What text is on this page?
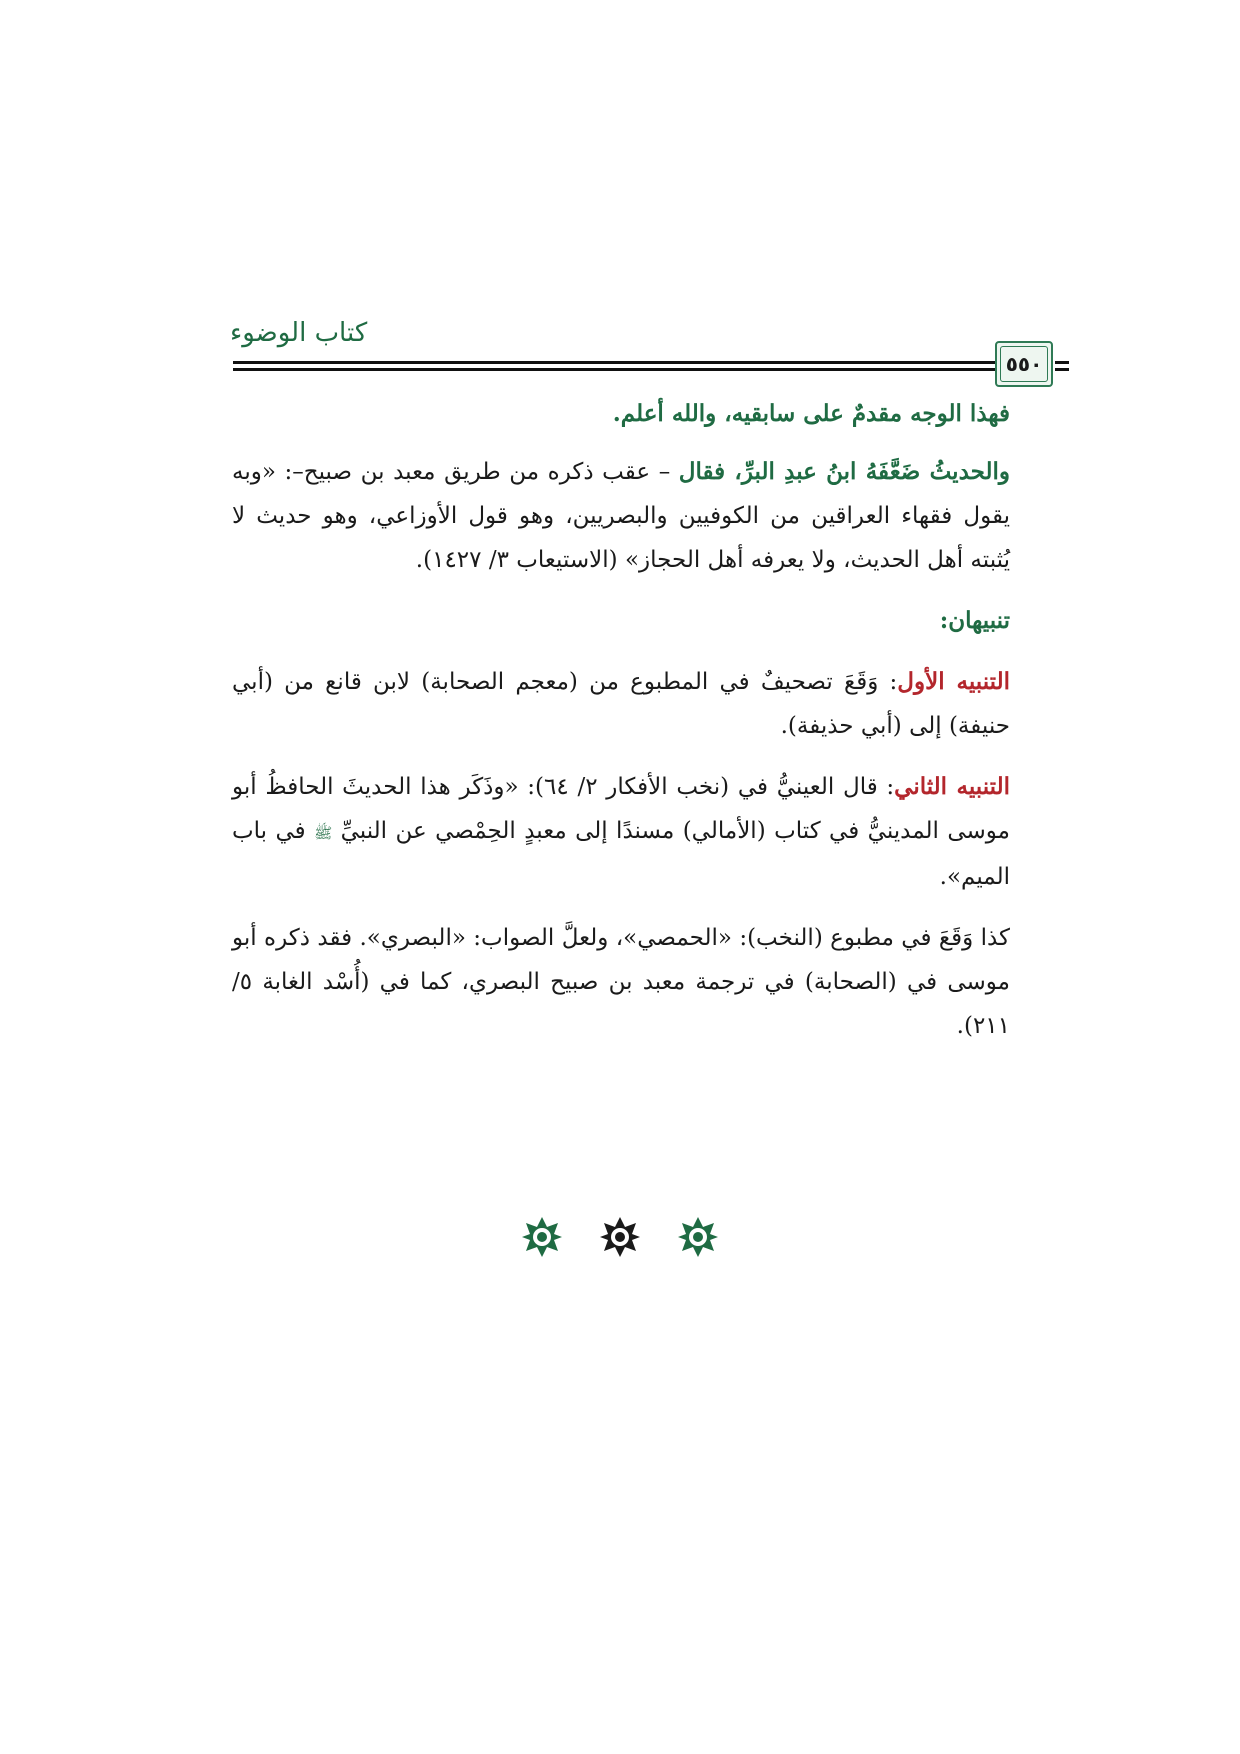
كتاب الوضوء
٥٥٠

فهذا الوجه مقدمٌ على سابقيه، والله أعلم.

والحديثُ ضَعَّفَهُ ابنُ عبدِ البرِّ، فقال – عقب ذكره من طريق معبد بن صبيح–: «وبه يقول فقهاء العراقين من الكوفيين والبصريين، وهو قول الأوزاعي، وهو حديث لا يُثبته أهل الحديث، ولا يعرفه أهل الحجاز» (الاستيعاب ٣/ ١٤٢٧).

تنبيهان:

التنبيه الأول: وَقَعَ تصحيفٌ في المطبوع من (معجم الصحابة) لابن قانع من (أبي حنيفة) إلى (أبي حذيفة).

التنبيه الثاني: قال العينيُّ في (نخب الأفكار ٢/ ٦٤): «وذَكَر هذا الحديثَ الحافظُ أبو موسى المدينيُّ في كتاب (الأمالي) مسندًا إلى معبدٍ الحِمْصي عن النبيِّ ﷺ في باب الميم».

كذا وَقَعَ في مطبوع (النخب): «الحمصي»، ولعلَّ الصواب: «البصري». فقد ذكره أبو موسى في (الصحابة) في ترجمة معبد بن صبيح البصري، كما في (أُسْد الغابة ٥/ ٢١١).
